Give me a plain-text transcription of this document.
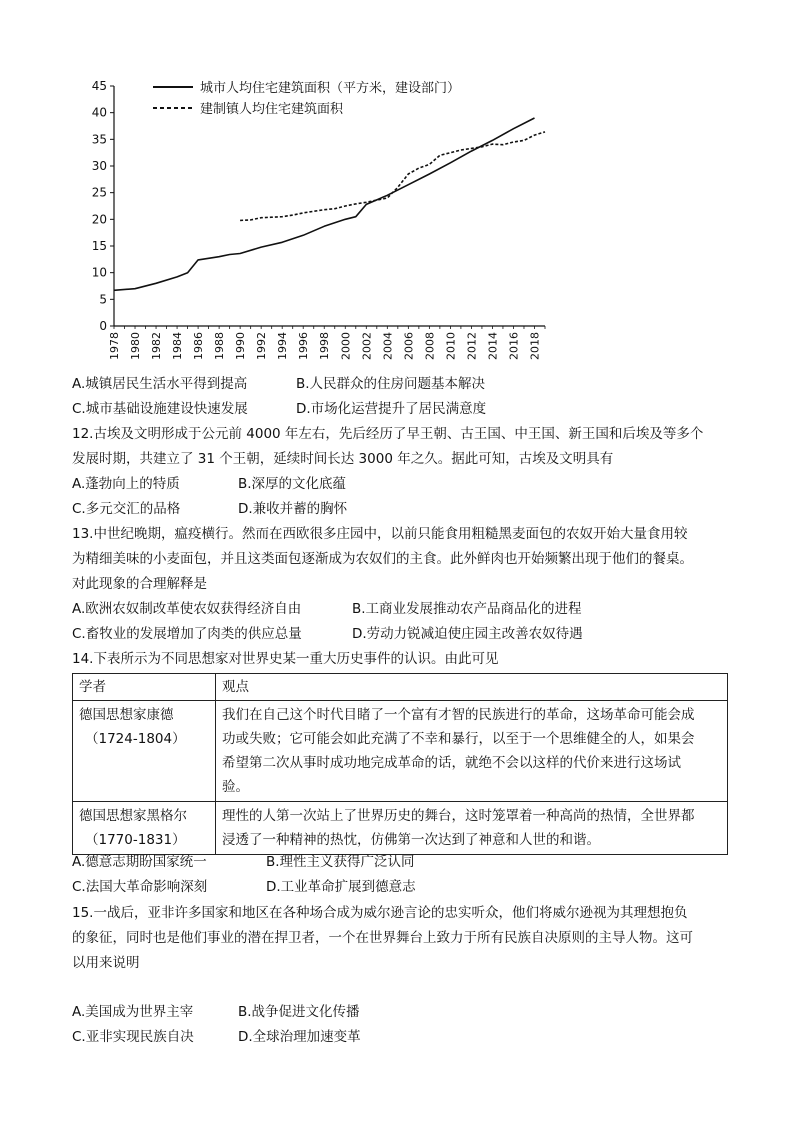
0
5
10
15
20
25
30
35
40
45
1978 1980 1982 1984 1986 1988 1990 1992 1994 1996 1998 2000 2002 2004 2006 2008 2010 2012 2014 2016 2018
城市人均住宅建筑面积（平方米，建设部门）
建制镇人均住宅建筑面积
A.城镇居民生活水平得到提高	B.人民群众的住房问题基本解决
C.城市基础设施建设快速发展	D.市场化运营提升了居民满意度
12.古埃及文明形成于公元前 4000 年左右，先后经历了早王朝、古王国、中王国、新王国和后埃及等多个
发展时期，共建立了 31 个王朝，延续时间长达 3000 年之久。据此可知，古埃及文明具有
A.蓬勃向上的特质	B.深厚的文化底蕴
C.多元交汇的品格	D.兼收并蓄的胸怀
13.中世纪晚期，瘟疫横行。然而在西欧很多庄园中，以前只能食用粗糙黑麦面包的农奴开始大量食用较
为精细美味的小麦面包，并且这类面包逐渐成为农奴们的主食。此外鲜肉也开始频繁出现于他们的餐桌。
对此现象的合理解释是
A.欧洲农奴制改革使农奴获得经济自由	B.工商业发展推动农产品商品化的进程
C.畜牧业的发展增加了肉类的供应总量	D.劳动力锐减迫使庄园主改善农奴待遇
14.下表所示为不同思想家对世界史某一重大历史事件的认识。由此可见
学者	观点

德国思想家康德
（1724-1804）	我们在自己这个时代目睹了一个富有才智的民族进行的革命，这场革命可能会成
功或失败；它可能会如此充满了不幸和暴行，以至于一个思维健全的人，如果会
希望第二次从事时成功地完成革命的话，就绝不会以这样的代价来进行这场试
验。

德国思想家黑格尔
（1770-1831）	理性的人第一次站上了世界历史的舞台，这时笼罩着一种高尚的热情，全世界都
浸透了一种精神的热忱，仿佛第一次达到了神意和人世的和谐。
A.德意志期盼国家统一	B.理性主义获得广泛认同
C.法国大革命影响深刻	D.工业革命扩展到德意志
15.一战后，亚非许多国家和地区在各种场合成为威尔逊言论的忠实听众，他们将威尔逊视为其理想抱负
的象征，同时也是他们事业的潜在捍卫者，一个在世界舞台上致力于所有民族自决原则的主导人物。这可
以用来说明
A.美国成为世界主宰	B.战争促进文化传播
C.亚非实现民族自决	D.全球治理加速变革
